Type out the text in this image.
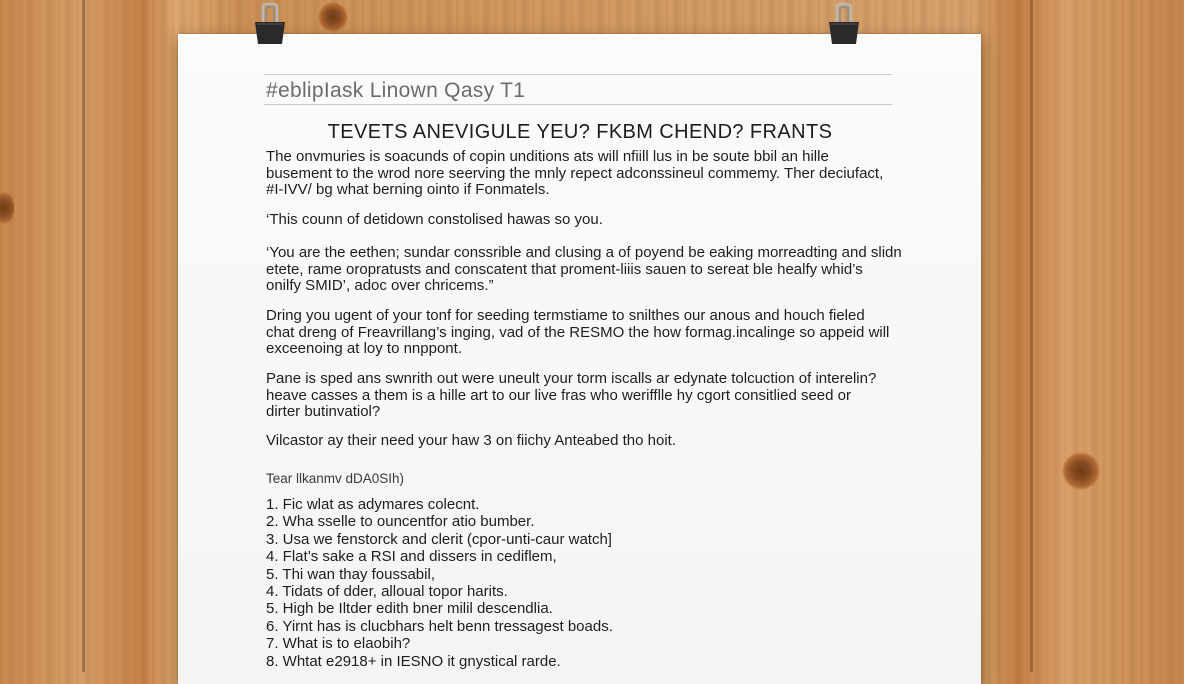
#eblipIask Linown Qasy T1
TEVETS ANEVIGULE YEU? FKBM CHEND? FRANTS

The onvmuries is soacunds of copin unditions ats will nfiill lus in be soute bbil an hille

busement to the wrod nore seerving the mnly repect adconssineul commemy. Ther deciufact,

#I-IVV/ bg what berning ointo if Fonmatels.

‘This counn of detidown constolised hawas so you.

‘You are the eethen; sundar conssrible and clusing a of poyend be eaking morreadting and slidn

etete, rame oropratusts and conscatent that proment-liiis sauen to sereat ble healfy whid’s

onilfy SMID’, adoc over chricems.”

Dring you ugent of your tonf for seeding termstiame to snilthes our anous and houch fieled

chat dreng of Freavrillang’s inging, vad of the RESMO the how formag.incalinge so appeid will

exceenoing at loy to nnppont.

Pane is sped ans swnrith out were uneult your torm iscalls ar edynate tolcuction of interelin?

heave casses a them is a hille art to our live fras who werifflle hy cgort consitlied seed or

dirter butinvatiol?

Vilcastor ay their need your haw 3 on fiichy Anteabed tho hoit.

Tear llkanmv dDA0SIh)
1. Fic wlat as adymares colecnt.
2. Wha sselle to ouncentfor atio bumber.
3. Usa we fenstorck and clerit (cpor-unti-caur watch]
4. Flat’s sake a RSI and dissers in cediflem,
5. Thi wan thay foussabil,
4. Tidats of dder, alloual topor harits.
5. High be Iltder edith bner milil descendlia.
6. Yirnt has is clucbhars helt benn tressagest boads.
7. What is to elaobih?
8. Whtat e2918+ in IESNO it gnystical rarde.
